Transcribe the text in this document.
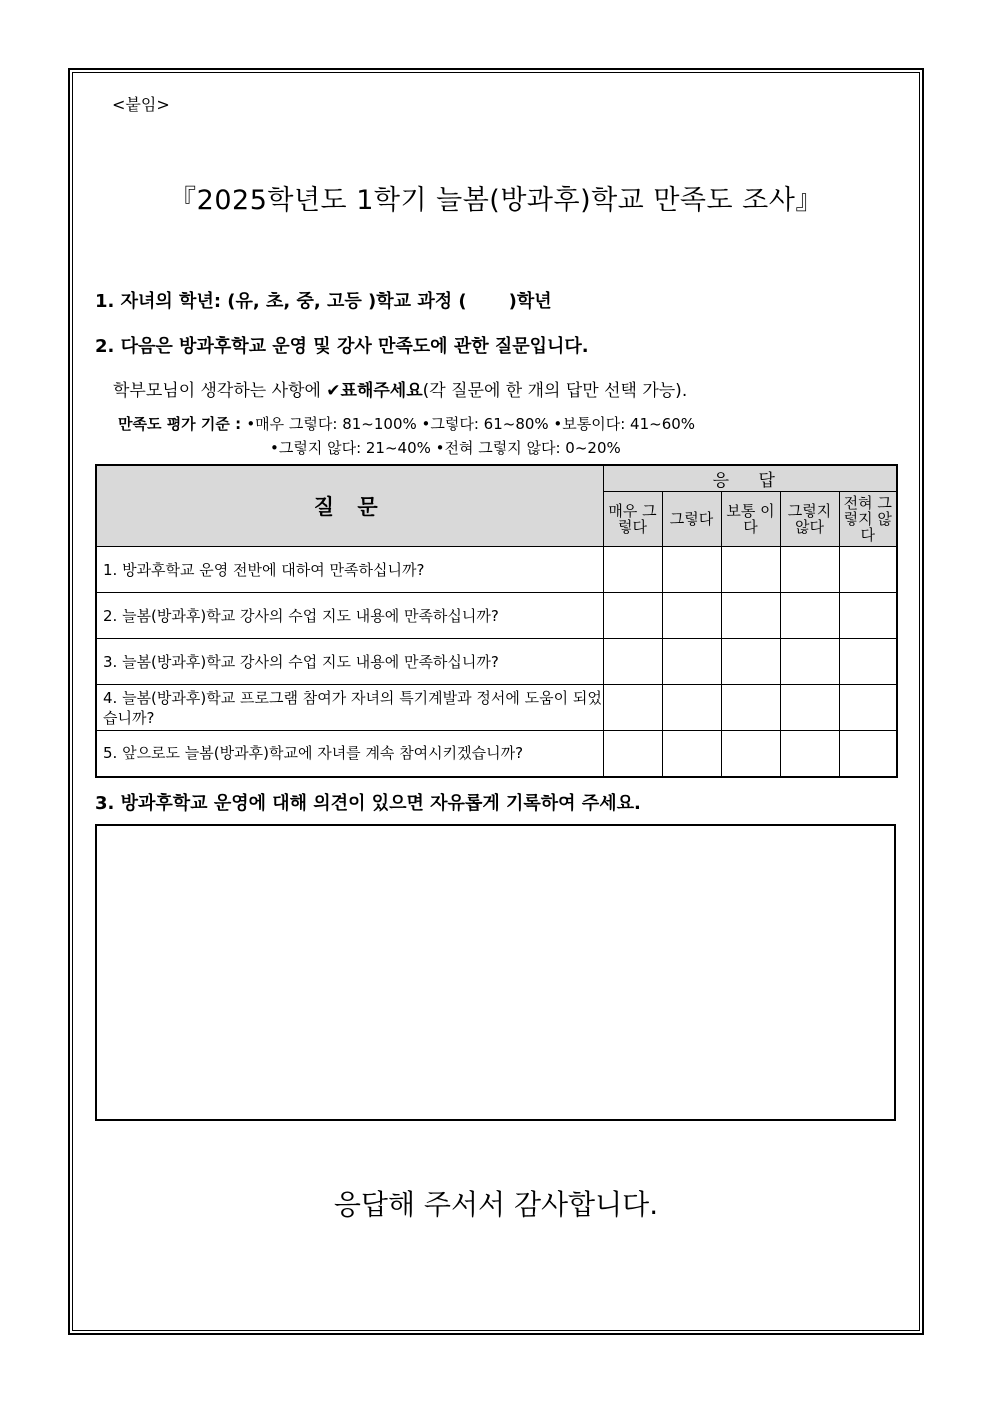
<붙임>
『2025학년도 1학기 늘봄(방과후)학교 만족도 조사』
1. 자녀의 학년: (유, 초, 중, 고등 )학교 과정 ( )학년
2. 다음은 방과후학교 운영 및 강사 만족도에 관한 질문입니다.
학부모님이 생각하는 사항에 ✔표해주세요(각 질문에 한 개의 답만 선택 가능).
만족도 평가 기준 : •매우 그렇다: 81~100% •그렇다: 61~80% •보통이다: 41~60%
•그렇지 않다: 21~40% •전혀 그렇지 않다: 0~20%
질 문	응 답				
	매우 그렇다	그렇다	보통 이다	그렇지 않다	전혀 그렇지 않다
1. 방과후학교 운영 전반에 대하여 만족하십니까?					
2. 늘봄(방과후)학교 강사의 수업 지도 내용에 만족하십니까?					
3. 늘봄(방과후)학교 강사의 수업 지도 내용에 만족하십니까?					
4. 늘봄(방과후)학교 프로그램 참여가 자녀의 특기계발과 정서에 도움이 되었습니까?					
5. 앞으로도 늘봄(방과후)학교에 자녀를 계속 참여시키겠습니까?					
3. 방과후학교 운영에 대해 의견이 있으면 자유롭게 기록하여 주세요.
응답해 주서서 감사합니다.
